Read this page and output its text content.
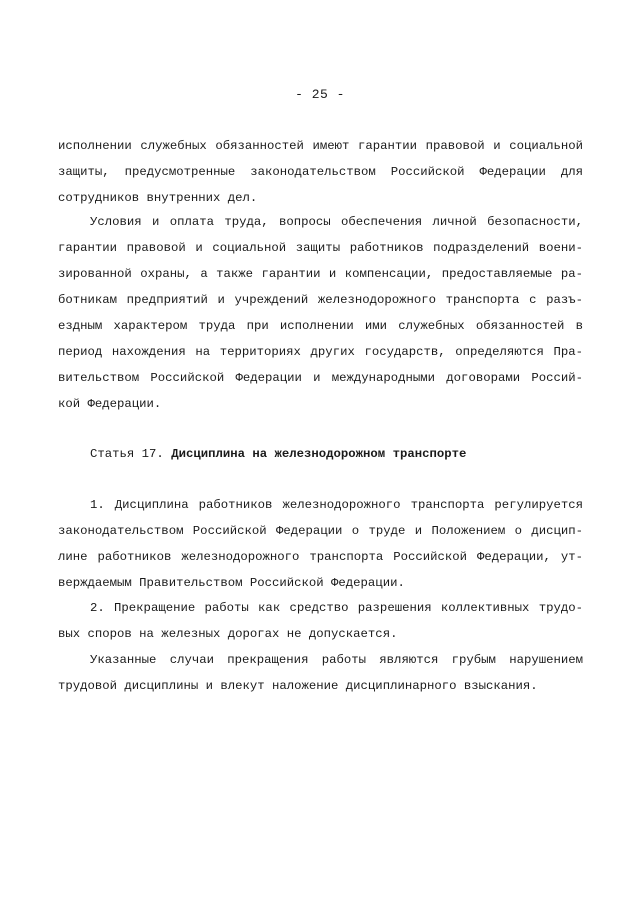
- 25 -
исполнении служебных обязанностей имеют гарантии правовой и социальной
защиты, предусмотренные законодательством Российской Федерации для
сотрудников внутренних дел.
Условия и оплата труда, вопросы обеспечения личной безопасности,
гарантии правовой и социальной защиты работников подразделений воени-
зированной охраны, а также гарантии и компенсации, предоставляемые ра-
ботникам предприятий и учреждений железнодорожного транспорта с разъ-
ездным характером труда при исполнении ими служебных обязанностей в
период нахождения на территориях других государств, определяются Пра-
вительством Российской Федерации и международными договорами Россий-
кой Федерации.
Статья 17. Дисциплина на железнодорожном транспорте
1. Дисциплина работников железнодорожного транспорта регулируется
законодательством Российской Федерации о труде и Положением о дисцип-
лине работников железнодорожного транспорта Российской Федерации, ут-
верждаемым Правительством Российской Федерации.
2. Прекращение работы как средство разрешения коллективных трудо-
вых споров на железных дорогах не допускается.
Указанные случаи прекращения работы являются грубым нарушением
трудовой дисциплины и влекут наложение дисциплинарного взыскания.
